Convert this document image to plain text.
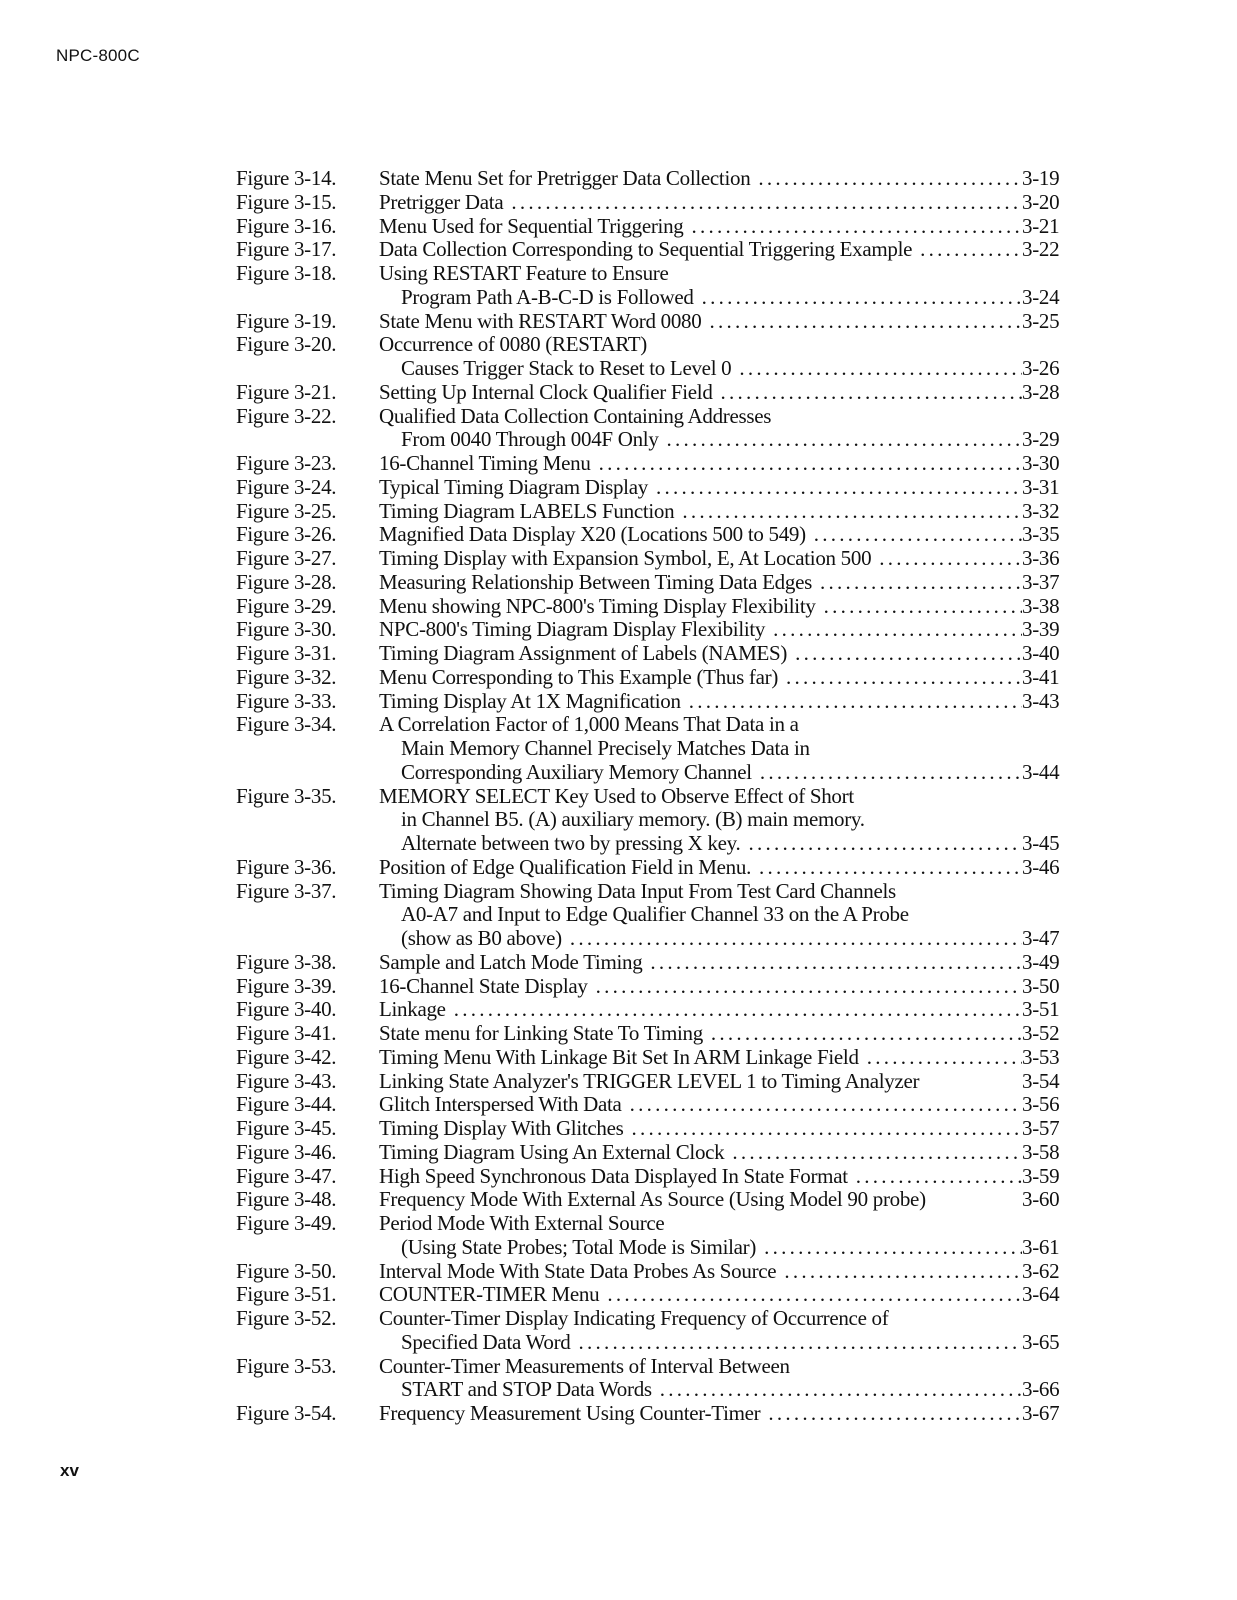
NPC-800C
Figure 3-14.	State Menu Set for Pretrigger Data Collection . . .	3-19
Figure 3-15.	Pretrigger Data . . .	3-20
Figure 3-16.	Menu Used for Sequential Triggering . . .	3-21
Figure 3-17.	Data Collection Corresponding to Sequential Triggering Example . . .	3-22
Figure 3-18.	Using RESTART Feature to Ensure
Program Path A-B-C-D is Followed . . .	3-24
Figure 3-19.	State Menu with RESTART Word 0080 . . .	3-25
Figure 3-20.	Occurrence of 0080 (RESTART)
Causes Trigger Stack to Reset to Level 0 . . .	3-26
Figure 3-21.	Setting Up Internal Clock Qualifier Field . . .	3-28
Figure 3-22.	Qualified Data Collection Containing Addresses
From 0040 Through 004F Only . . .	3-29
Figure 3-23.	16-Channel Timing Menu . . .	3-30
Figure 3-24.	Typical Timing Diagram Display . . .	3-31
Figure 3-25.	Timing Diagram LABELS Function . . .	3-32
Figure 3-26.	Magnified Data Display X20 (Locations 500 to 549) . . .	3-35
Figure 3-27.	Timing Display with Expansion Symbol, E, At Location 500 . . .	3-36
Figure 3-28.	Measuring Relationship Between Timing Data Edges . . .	3-37
Figure 3-29.	Menu showing NPC-800's Timing Display Flexibility . . .	3-38
Figure 3-30.	NPC-800's Timing Diagram Display Flexibility . . .	3-39
Figure 3-31.	Timing Diagram Assignment of Labels (NAMES) . . .	3-40
Figure 3-32.	Menu Corresponding to This Example (Thus far) . . .	3-41
Figure 3-33.	Timing Display At 1X Magnification . . .	3-43
Figure 3-34.	A Correlation Factor of 1,000 Means That Data in a
Main Memory Channel Precisely Matches Data in
Corresponding Auxiliary Memory Channel . . .	3-44
Figure 3-35.	MEMORY SELECT Key Used to Observe Effect of Short
in Channel B5. (A) auxiliary memory. (B) main memory.
Alternate between two by pressing X key. . . .	3-45
Figure 3-36.	Position of Edge Qualification Field in Menu. . . .	3-46
Figure 3-37.	Timing Diagram Showing Data Input From Test Card Channels
A0-A7 and Input to Edge Qualifier Channel 33 on the A Probe
(show as B0 above) . . .	3-47
Figure 3-38.	Sample and Latch Mode Timing . . .	3-49
Figure 3-39.	16-Channel State Display . . .	3-50
Figure 3-40.	Linkage . . .	3-51
Figure 3-41.	State menu for Linking State To Timing . . .	3-52
Figure 3-42.	Timing Menu With Linkage Bit Set In ARM Linkage Field . . .	3-53
Figure 3-43.	Linking State Analyzer's TRIGGER LEVEL 1 to Timing Analyzer	3-54
Figure 3-44.	Glitch Interspersed With Data . . .	3-56
Figure 3-45.	Timing Display With Glitches . . .	3-57
Figure 3-46.	Timing Diagram Using An External Clock . . .	3-58
Figure 3-47.	High Speed Synchronous Data Displayed In State Format . . .	3-59
Figure 3-48.	Frequency Mode With External As Source (Using Model 90 probe)	3-60
Figure 3-49.	Period Mode With External Source
(Using State Probes; Total Mode is Similar) . . .	3-61
Figure 3-50.	Interval Mode With State Data Probes As Source . . .	3-62
Figure 3-51.	COUNTER-TIMER Menu . . .	3-64
Figure 3-52.	Counter-Timer Display Indicating Frequency of Occurrence of
Specified Data Word . . .	3-65
Figure 3-53.	Counter-Timer Measurements of Interval Between
START and STOP Data Words . . .	3-66
Figure 3-54.	Frequency Measurement Using Counter-Timer . . .	3-67
xv
